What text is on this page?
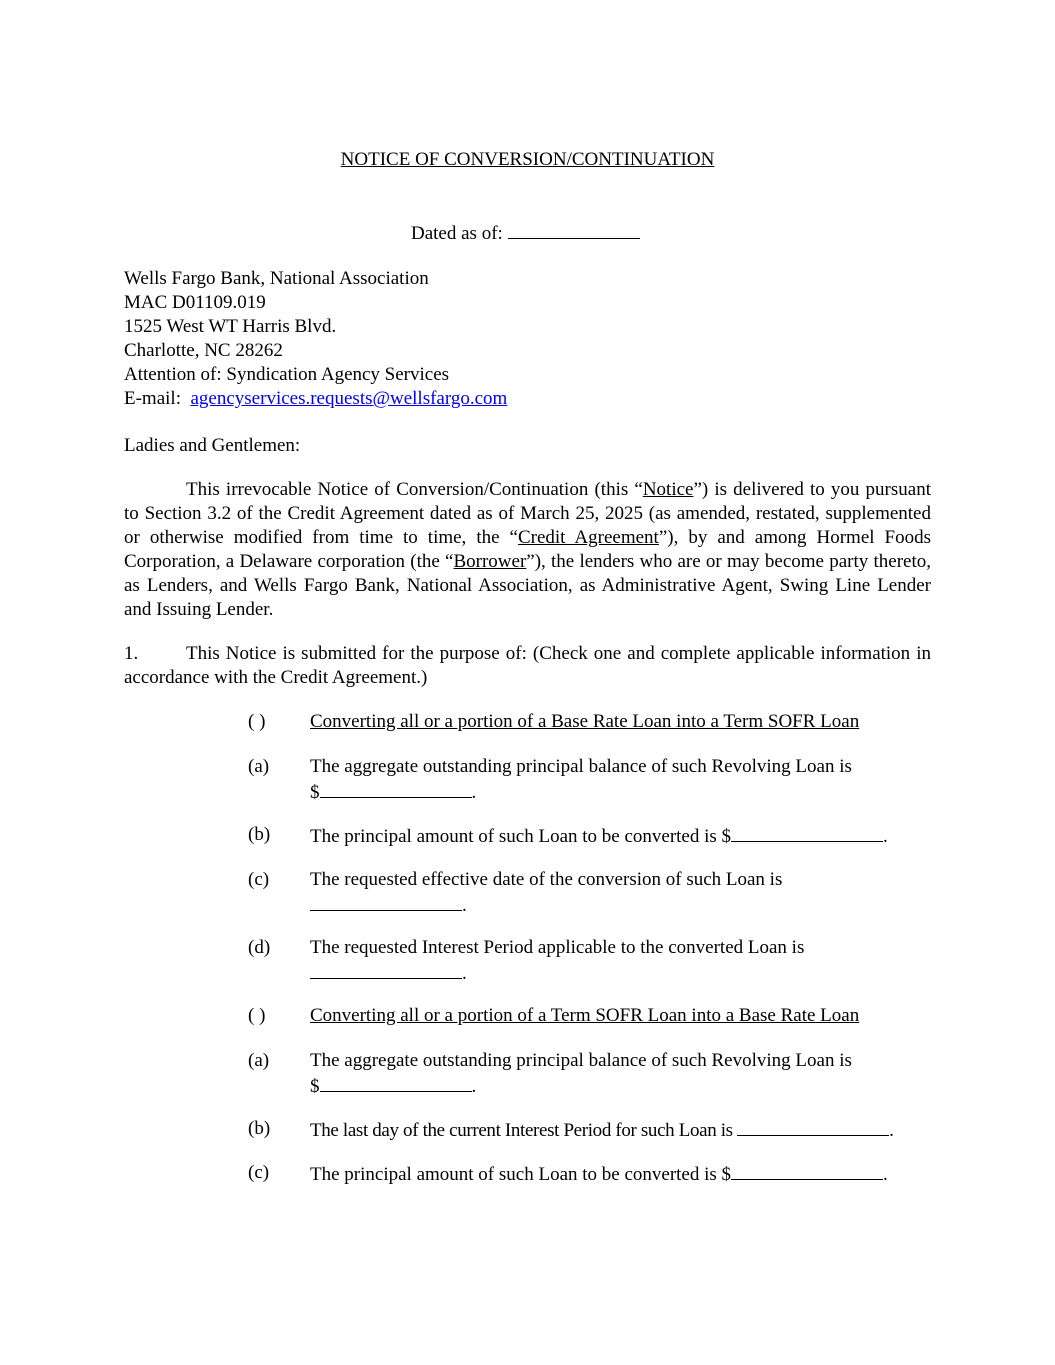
NOTICE OF CONVERSION/CONTINUATION
Dated as of:
Wells Fargo Bank, National Association
MAC D01109.019
1525 West WT Harris Blvd.
Charlotte, NC 28262
Attention of: Syndication Agency Services
E-mail: agencyservices.requests@wellsfargo.com
Ladies and Gentlemen:
This irrevocable Notice of Conversion/Continuation (this “Notice”) is delivered to you pursuant to Section 3.2 of the Credit Agreement dated as of March 25, 2025 (as amended, restated, supplemented or otherwise modified from time to time, the “Credit Agreement”), by and among Hormel Foods Corporation, a Delaware corporation (the “Borrower”), the lenders who are or may become party thereto, as Lenders, and Wells Fargo Bank, National Association, as Administrative Agent, Swing Line Lender and Issuing Lender.
1.	This Notice is submitted for the purpose of: (Check one and complete applicable information in accordance with the Credit Agreement.)
( )	Converting all or a portion of a Base Rate Loan into a Term SOFR Loan
(a)	The aggregate outstanding principal balance of such Revolving Loan is
$	.
(b)	The principal amount of such Loan to be converted is $	.
(c)	The requested effective date of the conversion of such Loan is
.
(d)	The requested Interest Period applicable to the converted Loan is
.
( )	Converting all or a portion of a Term SOFR Loan into a Base Rate Loan
(a)	The aggregate outstanding principal balance of such Revolving Loan is
$	.
(b)	The last day of the current Interest Period for such Loan is	.
(c)	The principal amount of such Loan to be converted is $	.
